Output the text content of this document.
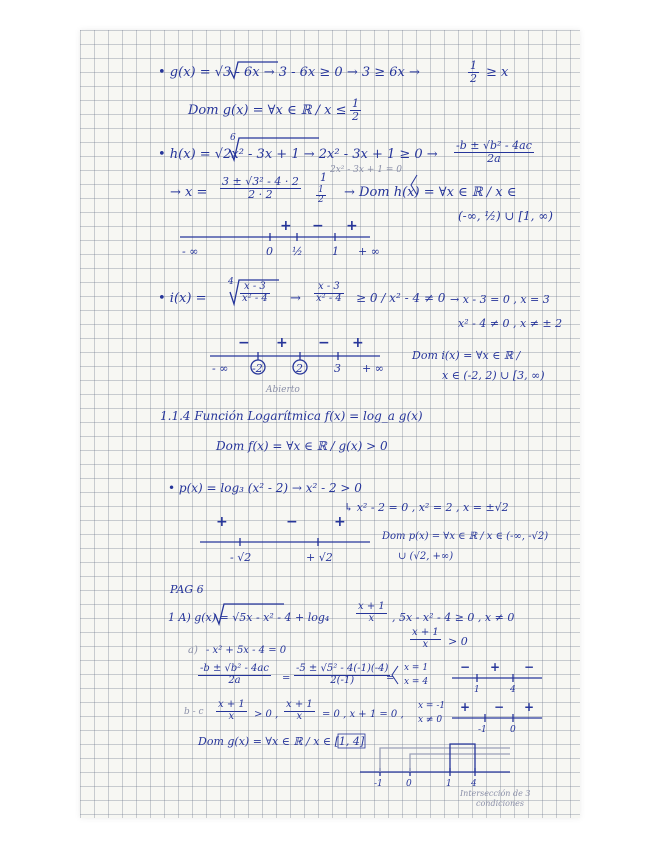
• g(x) = √3 - 6x → 3 - 6x ≥ 0 → 3 ≥ 6x →	$\frac{1}{2} \ge x$
Dom g(x) = ∀x ∈ ℝ / $x \le \frac{1}{2}$
6
• $h(x) = √2x^2 - 3x + 1 \to 2x^2 - 3x + 1 \ge 0 \to \frac{\text{-b ± √b² - 4ac}}{2a}$
2x² - 3x + 1 = 0
→ $x = \frac{\text{3 ± √3² - 4 · 2}}{2 \cdot 2} 1$
$\frac{1}{2}$ → Dom h(x) = ∀x ∈ ℝ / x ∈
(-∞, ½) ∪ [1, ∞)
+ − +
- ∞	0 ½	1 + ∞
4
• i(x) =	$\frac{x - 3}{\text{x² - 4}} \to \frac{x - 3}{\text{x² - 4}} \ge 0 / x^2 - 4 \ne 0 \to x - 3 = 0$ , x = 3
x² - 4 ≠ 0 , x ≠ ± 2
− + − +
- ∞ -2	2	3 + ∞
Abierto
Dom i(x) = ∀x ∈ ℝ /
x ∈ (-2, 2) ∪ [3, ∞)
1.1.4 Función Logarítmica f(x) = log_a g(x)
Dom f(x) = ∀x ∈ ℝ / g(x) > 0
• p(x) = log₃ (x² - 2) → x² - 2 > 0
↳ x² - 2 = 0 , x² = 2 , x = ±√2
+	−	+
- √2	+ √2
Dom p(x) = ∀x ∈ ℝ / x ∈ (-∞, -√2)
∪ (√2, +∞)
PAG 6
1 A) g(x) = √5x - x² - 4 + log₄	$\frac{x + 1}{x}$ , 5x - x² - 4 ≥ 0 , x ≠ 0
$\frac{x + 1}{x} > 0$
a) - x² + 5x - 4 = 0
$\frac{\text{-b ± √b² - 4ac}}{2a} = \frac{\text{-5 ± √5² - 4(-1)(-4)}}{2(-1)}$
=
x = 1
x = 4
− + −
1	4
b - c $\frac{x + 1}{x} > 0$ , $\frac{x + 1}{x} = 0$ , x + 1 = 0 ,
x = -1
x ≠ 0
+ − +
-1	0
Dom g(x) = ∀x ∈ ℝ / x ∈ [1, 4]
-1	0	1 4
Intersección de 3
condiciones
